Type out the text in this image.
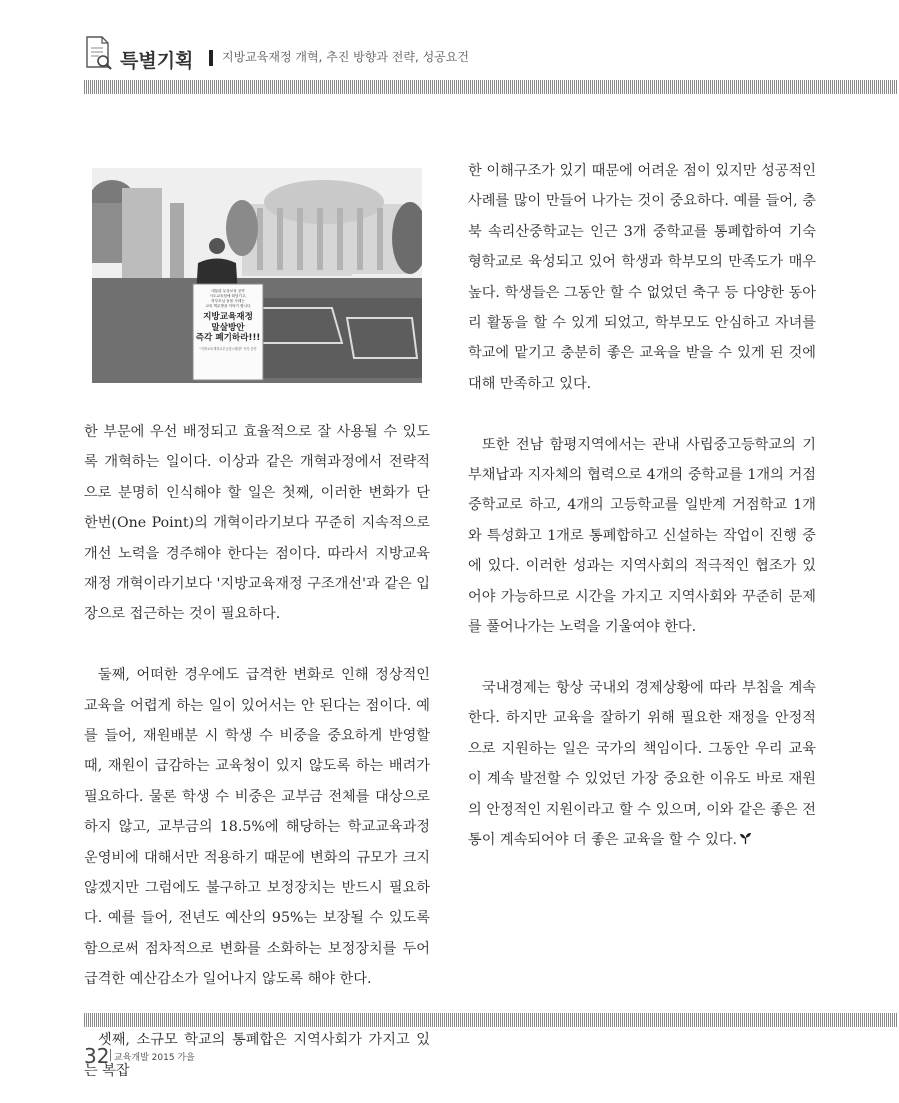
특별기획 지방교육재정 개혁, 추진 방향과 전략, 성공요건
대통령 무상보육 공약
시도교육청에 떠넘기고,
학부모님 돌볼 사태는
교육 책무방을 이야기 합니다
지방교육재정
말살방안
즉각 폐기하라!!!
"지방교육재정교부금법시행령" 즉각 중단

한 부문에 우선 배정되고 효율적으로 잘 사용될 수 있도록 개혁하는 일이다. 이상과 같은 개혁과정에서 전략적으로 분명히 인식해야 할 일은 첫째, 이러한 변화가 단 한번(One Point)의 개혁이라기보다 꾸준히 지속적으로 개선 노력을 경주해야 한다는 점이다. 따라서 지방교육재정 개혁이라기보다 '지방교육재정 구조개선'과 같은 입장으로 접근하는 것이 필요하다.

둘째, 어떠한 경우에도 급격한 변화로 인해 정상적인 교육을 어렵게 하는 일이 있어서는 안 된다는 점이다. 예를 들어, 재원배분 시 학생 수 비중을 중요하게 반영할 때, 재원이 급감하는 교육청이 있지 않도록 하는 배려가 필요하다. 물론 학생 수 비중은 교부금 전체를 대상으로 하지 않고, 교부금의 18.5%에 해당하는 학교교육과정운영비에 대해서만 적용하기 때문에 변화의 규모가 크지 않겠지만 그럼에도 불구하고 보정장치는 반드시 필요하다. 예를 들어, 전년도 예산의 95%는 보장될 수 있도록 함으로써 점차적으로 변화를 소화하는 보정장치를 두어 급격한 예산감소가 일어나지 않도록 해야 한다.

셋째, 소규모 학교의 통폐합은 지역사회가 가지고 있는 복잡

한 이해구조가 있기 때문에 어려운 점이 있지만 성공적인 사례를 많이 만들어 나가는 것이 중요하다. 예를 들어, 충북 속리산중학교는 인근 3개 중학교를 통폐합하여 기숙형학교로 육성되고 있어 학생과 학부모의 만족도가 매우 높다. 학생들은 그동안 할 수 없었던 축구 등 다양한 동아리 활동을 할 수 있게 되었고, 학부모도 안심하고 자녀를 학교에 맡기고 충분히 좋은 교육을 받을 수 있게 된 것에 대해 만족하고 있다.

또한 전남 함평지역에서는 관내 사립중고등학교의 기부채납과 지자체의 협력으로 4개의 중학교를 1개의 거점 중학교로 하고, 4개의 고등학교를 일반계 거점학교 1개와 특성화고 1개로 통폐합하고 신설하는 작업이 진행 중에 있다. 이러한 성과는 지역사회의 적극적인 협조가 있어야 가능하므로 시간을 가지고 지역사회와 꾸준히 문제를 풀어나가는 노력을 기울여야 한다.

국내경제는 항상 국내외 경제상황에 따라 부침을 계속한다. 하지만 교육을 잘하기 위해 필요한 재정을 안정적으로 지원하는 일은 국가의 책임이다. 그동안 우리 교육이 계속 발전할 수 있었던 가장 중요한 이유도 바로 재원의 안정적인 지원이라고 할 수 있으며, 이와 같은 좋은 전통이 계속되어야 더 좋은 교육을 할 수 있다.

32 교육개발 2015 가을
